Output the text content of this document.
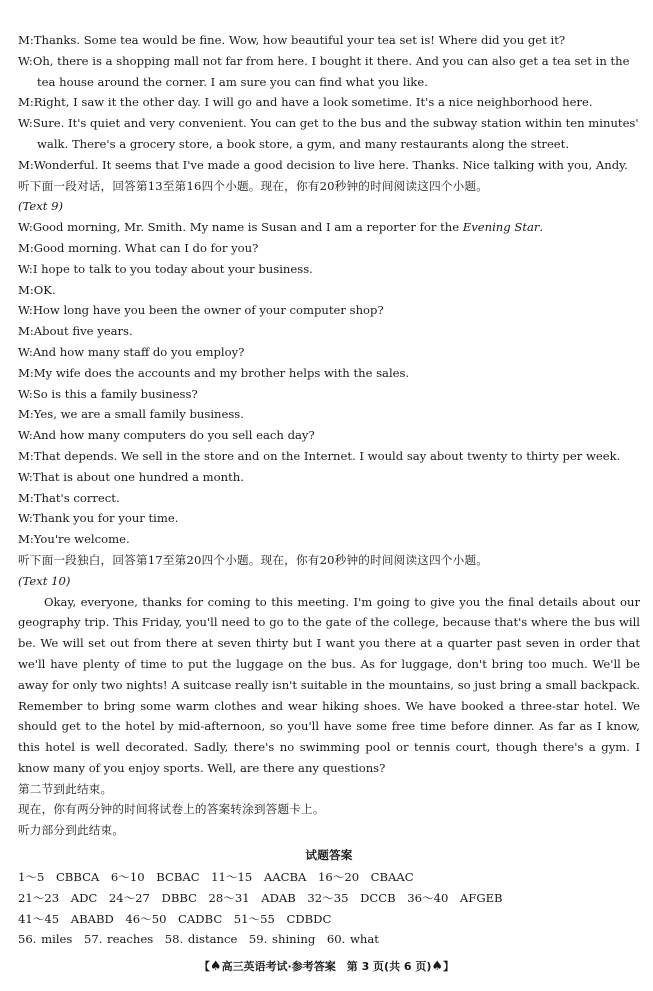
M:Thanks. Some tea would be fine. Wow, how beautiful your tea set is! Where did you get it?
W:Oh, there is a shopping mall not far from here. I bought it there. And you can also get a tea set in the tea house around the corner. I am sure you can find what you like.
M:Right, I saw it the other day. I will go and have a look sometime. It's a nice neighborhood here.
W:Sure. It's quiet and very convenient. You can get to the bus and the subway station within ten minutes' walk. There's a grocery store, a book store, a gym, and many restaurants along the street.
M:Wonderful. It seems that I've made a good decision to live here. Thanks. Nice talking with you, Andy.
听下面一段对话，回答第13至第16四个小题。现在，你有20秒钟的时间阅读这四个小题。
(Text 9)
W:Good morning, Mr. Smith. My name is Susan and I am a reporter for the Evening Star.
M:Good morning. What can I do for you?
W:I hope to talk to you today about your business.
M:OK.
W:How long have you been the owner of your computer shop?
M:About five years.
W:And how many staff do you employ?
M:My wife does the accounts and my brother helps with the sales.
W:So is this a family business?
M:Yes, we are a small family business.
W:And how many computers do you sell each day?
M:That depends. We sell in the store and on the Internet. I would say about twenty to thirty per week.
W:That is about one hundred a month.
M:That's correct.
W:Thank you for your time.
M:You're welcome.
听下面一段独白，回答第17至第20四个小题。现在，你有20秒钟的时间阅读这四个小题。
(Text 10)
Okay, everyone, thanks for coming to this meeting. I'm going to give you the final details about our geography trip. This Friday, you'll need to go to the gate of the college, because that's where the bus will be. We will set out from there at seven thirty but I want you there at a quarter past seven in order that we'll have plenty of time to put the luggage on the bus. As for luggage, don't bring too much. We'll be away for only two nights! A suitcase really isn't suitable in the mountains, so just bring a small backpack. Remember to bring some warm clothes and wear hiking shoes. We have booked a three-star hotel. We should get to the hotel by mid-afternoon, so you'll have some free time before dinner. As far as I know, this hotel is well decorated. Sadly, there's no swimming pool or tennis court, though there's a gym. I know many of you enjoy sports. Well, are there any questions?
第二节到此结束。
现在，你有两分钟的时间将试卷上的答案转涂到答题卡上。
听力部分到此结束。
试题答案
1～5　CBBCA　6～10　BCBAC　11～15　AACBA　16～20　CBAAC
21～23　ADC　24～27　DBBC　28～31　ADAB　32～35　DCCB　36～40　AFGEB
41～45　ABABD　46～50　CADBC　51～55　CDBDC
56. miles　57. reaches　58. distance　59. shining　60. what
【♠高三英语考试·参考答案　第 3 页(共 6 页)♠】
